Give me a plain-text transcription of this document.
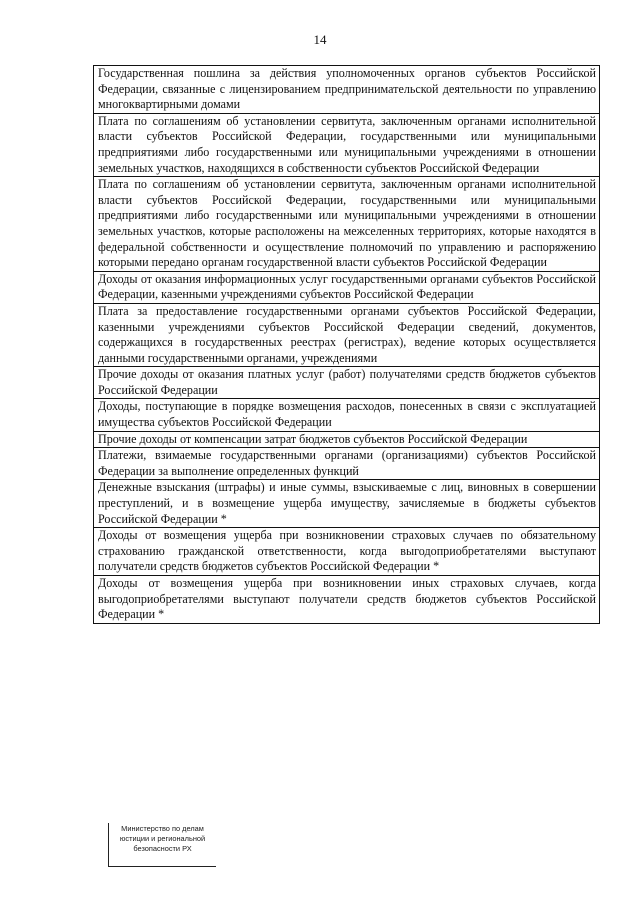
14
Государственная пошлина за действия уполномоченных органов субъектов Российской Федерации, связанные с лицензированием предпринимательской деятельности по управлению многоквартирными домами
Плата по соглашениям об установлении сервитута, заключенным органами исполнительной власти субъектов Российской Федерации, государственными или муниципальными предприятиями либо государственными или муниципальными учреждениями в отношении земельных участков, находящихся в собственности субъектов Российской Федерации
Плата по соглашениям об установлении сервитута, заключенным органами исполнительной власти субъектов Российской Федерации, государственными или муниципальными предприятиями либо государственными или муниципальными учреждениями в отношении земельных участков, которые расположены на межселенных территориях, которые находятся в федеральной собственности и осуществление полномочий по управлению и распоряжению которыми передано органам государственной власти субъектов Российской Федерации
Доходы от оказания информационных услуг государственными органами субъектов Российской Федерации, казенными учреждениями субъектов Российской Федерации
Плата за предоставление государственными органами субъектов Российской Федерации, казенными учреждениями субъектов Российской Федерации сведений, документов, содержащихся в государственных реестрах (регистрах), ведение которых осуществляется данными государственными органами, учреждениями
Прочие доходы от оказания платных услуг (работ) получателями средств бюджетов субъектов Российской Федерации
Доходы, поступающие в порядке возмещения расходов, понесенных в связи с эксплуатацией имущества субъектов Российской Федерации
Прочие доходы от компенсации затрат бюджетов субъектов Российской Федерации
Платежи, взимаемые государственными органами (организациями) субъектов Российской Федерации за выполнение определенных функций
Денежные взыскания (штрафы) и иные суммы, взыскиваемые с лиц, виновных в совершении преступлений, и в возмещение ущерба имуществу, зачисляемые в бюджеты субъектов Российской Федерации *
Доходы от возмещения ущерба при возникновении страховых случаев по обязательному страхованию гражданской ответственности, когда выгодоприобретателями выступают получатели средств бюджетов субъектов Российской Федерации *
Доходы от возмещения ущерба при возникновении иных страховых случаев, когда выгодоприобретателями выступают получатели средств бюджетов субъектов Российской Федерации *
Министерство по делам
юстиции и региональной
безопасности РХ
